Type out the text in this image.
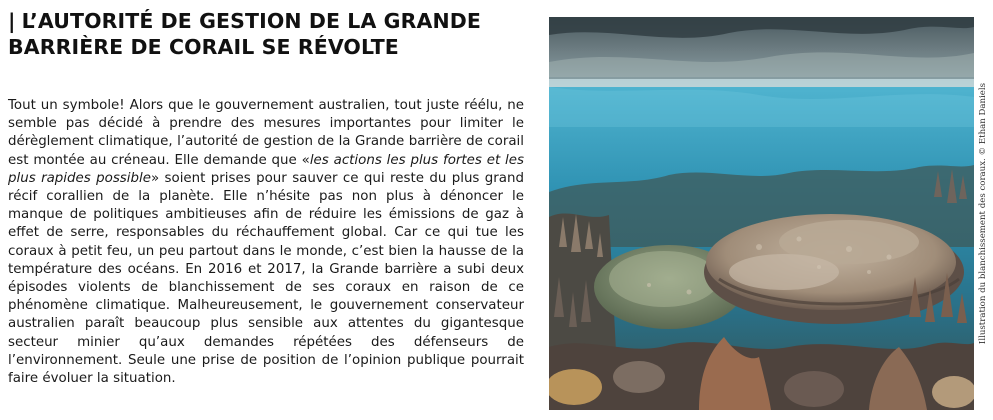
| L’AUTORITÉ DE GESTION DE LA GRANDE
BARRIÈRE DE CORAIL SE RÉVOLTE

Tout un symbole! Alors que le gouvernement australien, tout juste réélu, ne semble pas décidé à prendre des mesures importantes pour limiter le dérèglement climatique, l’autorité de gestion de la Grande barrière de corail est montée au créneau. Elle demande que «les actions les plus fortes et les plus rapides possible» soient prises pour sauver ce qui reste du plus grand récif corallien de la planète. Elle n’hésite pas non plus à dénoncer le manque de politiques ambitieuses afin de réduire les émissions de gaz à effet de serre, responsables du réchauffement global. Car ce qui tue les coraux à petit feu, un peu partout dans le monde, c’est bien la hausse de la température des océans. En 2016 et 2017, la Grande barrière a subi deux épisodes violents de blanchissement de ses coraux en raison de ce phénomène climatique. Malheureusement, le gouvernement conservateur australien paraît beaucoup plus sensible aux attentes du gigantesque secteur minier qu’aux demandes répétées des défenseurs de l’environnement. Seule une prise de position de l’opinion publique pourrait faire évoluer la situation.

Illustration du blanchissement des coraux. © Ethan Daniels
